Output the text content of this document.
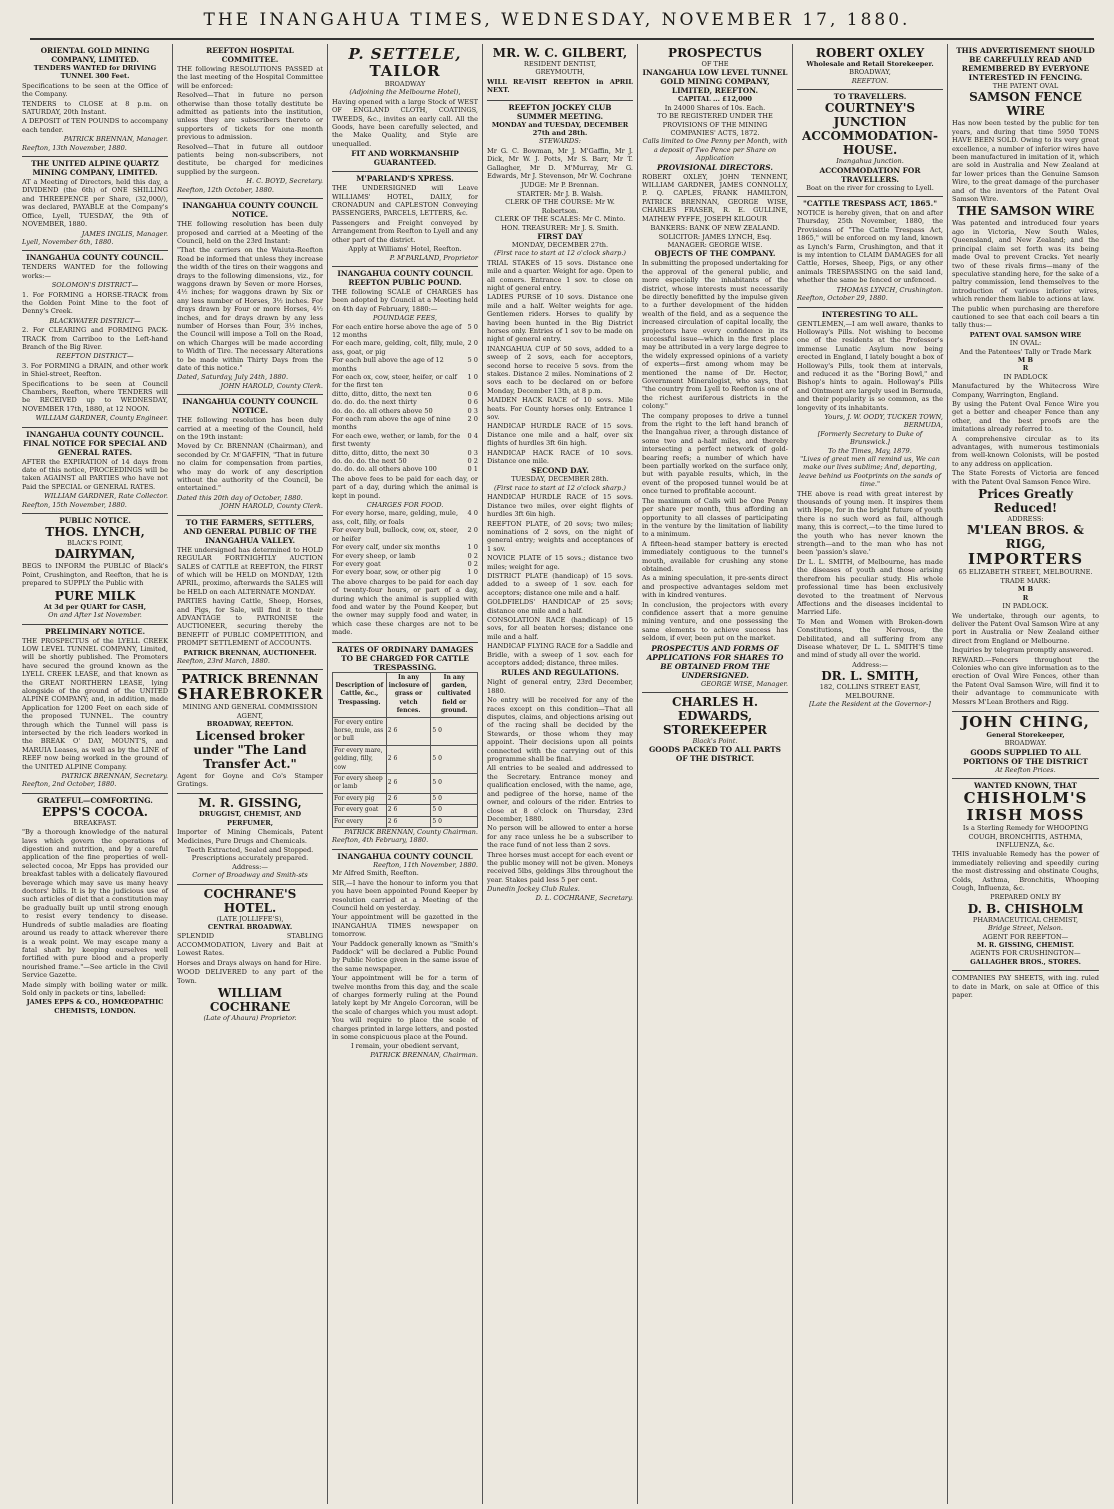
THE INANGAHUA TIMES, WEDNESDAY, NOVEMBER 17, 1880.
ORIENTAL GOLD MINING COMPANY, LIMITED.
TENDERS WANTED for DRIVING TUNNEL 300 Feet.

Specifications to be seen at the Office of the Company.

TENDERS to CLOSE at 8 p.m. on SATURDAY, 20th Instant.

A DEPOSIT of TEN POUNDS to accompany each tender.

PATRICK BRENNAN, Manager.
Reefton, 13th November, 1880.
THE UNITED ALPINE QUARTZ MINING COMPANY, LIMITED.

AT a Meeting of Directors, held this day, a DIVIDEND (the 6th) of ONE SHILLING and THREEPENCE per Share, (32,000/), was declared, PAYABLE at the Company's Office, Lyell, TUESDAY, the 9th of NOVEMBER, 1880.

JAMES INGLIS, Manager.
Lyell, November 6th, 1880.
INANGAHUA COUNTY COUNCIL.

TENDERS WANTED for the following works:—

SOLOMON'S DISTRICT—

1. For FORMING a HORSE-TRACK from the Golden Point Mine to the foot of Denny's Creek.

BLACKWATER DISTRICT—

2. For CLEARING and FORMING PACK-TRACK from Carriboo to the Left-hand Branch of the Big River.

REEFTON DISTRICT—

3. For FORMING a DRAIN, and other work in Shiel-street, Reefton.

Specifications to be seen at Council Chambers, Reefton, where TENDERS will be RECEIVED up to WEDNESDAY, NOVEMBER 17th, 1880, at 12 NOON.

WILLIAM GARDNER, County Engineer.
INANGAHUA COUNTY COUNCIL.
FINAL NOTICE FOR SPECIAL AND GENERAL RATES.

AFTER the EXPIRATION of 14 days from date of this notice, PROCEEDINGS will be taken AGAINST all PARTIES who have not Paid the SPECIAL or GENERAL RATES.

WILLIAM GARDNER, Rate Collector.
Reefton, 15th November, 1880.
PUBLIC NOTICE.
THOS. LYNCH,
BLACK'S POINT,
DAIRYMAN,

BEGS to INFORM the PUBLIC of Black's Point, Crushington, and Reefton, that he is prepared to SUPPLY the Public with

PURE MILK
At 3d per QUART for CASH,
On and After 1st November.
PRELIMINARY NOTICE.

THE PROSPECTUS of the LYELL CREEK LOW LEVEL TUNNEL COMPANY, Limited, will be shortly published. The Promoters have secured the ground known as the LYELL CREEK LEASE, and that known as the GREAT NORTHERN LEASE, lying alongside of the ground of the UNITED ALPINE COMPANY; and, in addition, made Application for 1200 Feet on each side of the proposed TUNNEL. The country through which the Tunnel will pass is intersected by the rich leaders worked in the BREAK O' DAY, MOUNT'S, and MARUIA Leases, as well as by the LINE of REEF now being worked in the ground of the UNITED ALPINE Company.

PATRICK BRENNAN, Secretary.
Reefton, 2nd October, 1880.
GRATEFUL—COMFORTING.
EPPS'S COCOA.
BREAKFAST.

"By a thorough knowledge of the natural laws which govern the operations of digestion and nutrition, and by a careful application of the fine properties of well-selected cocoa, Mr Epps has provided our breakfast tables with a delicately flavoured beverage which may save us many heavy doctors' bills. It is by the judicious use of such articles of diet that a constitution may be gradually built up until strong enough to resist every tendency to disease. Hundreds of subtle maladies are floating around us ready to attack wherever there is a weak point. We may escape many a fatal shaft by keeping ourselves well fortified with pure blood and a properly nourished frame."—See article in the Civil Service Gazette.

Made simply with boiling water or milk. Sold only in packets or tins, labelled:

JAMES EPPS & CO., HOMŒOPATHIC CHEMISTS, LONDON.
REEFTON HOSPITAL COMMITTEE.

THE following RESOLUTIONS PASSED at the last meeting of the Hospital Committee will be enforced:

Resolved—That in future no person otherwise than those totally destitute be admitted as patients into the institution, unless they are subscribers thereto or supporters of tickets for one month previous to admission.

Resolved—That in future all outdoor patients being non-subscribers, not destitute, be charged for medicines supplied by the surgeon.

H. C. BOYD, Secretary.
Reefton, 12th October, 1880.
INANGAHUA COUNTY COUNCIL
NOTICE.

THE following resolution has been duly proposed and carried at a Meeting of the Council, held on the 23rd Instant:

"That the carriers on the Waiuta-Reefton Road be informed that unless they increase the width of the tires on their waggons and drays to the following dimensions, viz., for waggons drawn by Seven or more Horses, 4½ inches; for waggons drawn by Six or any less number of Horses, 3½ inches. For drays drawn by Four or more Horses, 4½ inches, and for drays drawn by any less number of Horses than Four, 3½ inches, the Council will impose a Toll on the Road, on which Charges will be made according to Width of Tire. The necessary Alterations to be made within Thirty Days from the date of this notice."

Dated, Saturday, July 24th, 1880.
JOHN HAROLD, County Clerk.
INANGAHUA COUNTY COUNCIL
NOTICE.

THE following resolution has been duly carried at a meeting of the Council, held on the 19th instant:

Moved by Cr. BRENNAN (Chairman), and seconded by Cr. M'GAFFIN, "That in future no claim for compensation from parties, who may do work of any description without the authority of the Council, be entertained."

Dated this 20th day of October, 1880.
JOHN HAROLD, County Clerk.
TO THE FARMERS, SETTLERS, AND GENERAL PUBLIC OF THE INANGAHUA VALLEY.

THE undersigned has determined to HOLD REGULAR FORTNIGHTLY AUCTION SALES of CATTLE at REEFTON, the FIRST of which will be HELD on MONDAY, 12th APRIL, proximo, afterwards the SALES will be HELD on each ALTERNATE MONDAY.

PARTIES having Cattle, Sheep, Horses, and Pigs, for Sale, will find it to their ADVANTAGE to PATRONISE the AUCTIONEER, securing thereby the BENEFIT of PUBLIC COMPETITION, and PROMPT SETTLEMENT of ACCOUNTS.

PATRICK BRENNAN, AUCTIONEER.
Reefton, 23rd March, 1880.
PATRICK BRENNAN
SHAREBROKER
MINING AND GENERAL COMMISSION AGENT,
BROADWAY, REEFTON.
Licensed broker under "The Land Transfer Act."

Agent for Goyne and Co's Stamper Gratings.

M. R. GISSING,
DRUGGIST, CHEMIST, AND PERFUMER,

Importer of Mining Chemicals, Patent Medicines, Pure Drugs and Chemicals.

Teeth Extracted, Sealed and Stopped.
Prescriptions accurately prepared.
Address:—
Corner of Broadway and Smith-sts
COCHRANE'S HOTEL.
(LATE JOLLIFFE'S),
CENTRAL BROADWAY.

SPLENDID STABLING ACCOMMODATION, Livery and Bait at Lowest Rates.

Horses and Drays always on hand for Hire.

WOOD DELIVERED to any part of the Town.

WILLIAM COCHRANE
(Late of Ahaura) Proprietor.
P. SETTELE,
TAILOR
BROADWAY
(Adjoining the Melbourne Hotel),

Having opened with a large Stock of WEST OF ENGLAND CLOTH, COATINGS, TWEEDS, &c., invites an early call. All the Goods, have been carefully selected, and the Make Quality, and Style are unequalled.

FIT AND WORKMANSHIP GUARANTEED.
M'PARLAND'S XPRESS.

THE UNDERSIGNED will Leave WILLIAMS' HOTEL, DAILY, for CRONADUN and CAPLESTON Conveying PASSENGERS, PARCELS, LETTERS, &c.

Passengers and Freight conveyed by Arrangement from Reefton to Lyell and any other part of the district.

Apply at Williams' Hotel, Reefton.
P. M'PARLAND, Proprietor
INANGAHUA COUNTY COUNCIL
REEFTON PUBLIC POUND.

THE following SCALE of CHARGES has been adopted by Council at a Meeting held on 4th day of February, 1880:—

POUNDAGE FEES,
For each entire horse above the age of 12 months
5 0
For each mare, gelding, colt, filly, mule, ass, goat, or pig
2 0
For each bull above the age of 12 months
5 0
For each ox, cow, steer, heifer, or calf for the first ten
1 0
ditto, ditto, ditto, the next ten	0 6
do. do. do. the next thirty	0 6
do. do. do. all others above 50	0 3
For each ram above the age of nine months
2 0
For each ewe, wether, or lamb, for the first twenty
0 4
ditto, ditto, ditto, the next 30	0 3
do. do. do. the next 50	0 2
do. do. do. all others above 100	0 1

The above fees to be paid for each day, or part of a day, during which the animal is kept in pound.

CHARGES FOR FOOD.
For every horse, mare, gelding, mule, ass, colt, filly, or foals
4 0
For every bull, bullock, cow, ox, steer, or heifer
2 0
For every calf, under six months	1 0
For every sheep, or lamb	0 2
For every goat	0 2
For every boar, sow, or other pig	1 0

The above charges to be paid for each day of twenty-four hours, or part of a day, during which the animal is supplied with food and water by the Pound Keeper, but the owner may supply food and water, in which case these charges are not to be made.

RATES OF ORDINARY DAMAGES TO BE CHARGED FOR CATTLE TRESPASSING.
Description of Cattle, &c., Trespassing.	In any inclosure of grass or vetch fences.	In any garden, cultivated field or ground.
For every entire horse, mule, ass or bull	2 6	5 0
For every mare, gelding, filly, cow	2 6	5 0
For every sheep or lamb	2 6	5 0
For every pig	2 6	5 0
For every goat	2 6	5 0
For every	2 6	5 0
PATRICK BRENNAN, County Chairman.
Reefton, 4th February, 1880.
INANGAHUA COUNTY COUNCIL
Reefton, 11th November, 1880.
Mr Alfred Smith, Reefton.

SIR,—I have the honour to inform you that you have been appointed Pound Keeper by resolution carried at a Meeting of the Council held on yesterday.

Your appointment will be gazetted in the INANGAHUA TIMES newspaper on tomorrow.

Your Paddock generally known as "Smith's Paddock" will be declared a Public Pound by Public Notice given in the same issue of the same newspaper.

Your appointment will be for a term of twelve months from this day, and the scale of charges formerly ruling at the Pound lately kept by Mr Angelo Corcoran, will be the scale of charges which you must adopt. You will require to place the scale of charges printed in large letters, and posted in some conspicuous place at the Pound.

I remain, your obedient servant,
PATRICK BRENNAN, Chairman.
MR. W. C. GILBERT,
RESIDENT DENTIST,
GREYMOUTH,

WILL RE-VISIT REEFTON in APRIL NEXT.

REEFTON JOCKEY CLUB
SUMMER MEETING.
MONDAY and TUESDAY, DECEMBER 27th and 28th.
STEWARDS:

Mr G. C. Bowman, Mr J. M'Gaffin, Mr J. Dick, Mr W. J. Potts, Mr S. Barr, Mr T. Gallagher, Mr D. M'Murray, Mr G. Edwards, Mr J. Stevenson, Mr W. Cochrane

JUDGE: Mr P. Brennan.
STARTER: Mr J. B. Walsh.
CLERK OF THE COURSE: Mr W. Robertson.
CLERK OF THE SCALES: Mr C. Minto.
HON. TREASURER: Mr J. S. Smith.
FIRST DAY
MONDAY, DECEMBER 27th.
(First race to start at 12 o'clock sharp.)

TRIAL STAKES of 15 sovs. Distance one mile and a quarter. Weight for age. Open to all comers. Entrance 1 sov. to close on night of general entry.

LADIES PURSE of 10 sovs. Distance one mile and a half. Welter weights for age. Gentlemen riders. Horses to qualify by having been hunted in the Big District horses only. Entries of 1 sov to be made on night of general entry.

INANGAHUA CUP of 50 sovs, added to a sweep of 2 sovs, each for acceptors, second horse to receive 5 sovs. from the stakes. Distance 2 miles. Nominations of 2 sovs each to be declared on or before Monday, December 13th, at 8 p.m.

MAIDEN HACK RACE of 10 sovs. Mile heats. For County horses only. Entrance 1 sov.

HANDICAP HURDLE RACE of 15 sovs. Distance one mile and a half, over six flights of hurdles 3ft 6in high.

HANDICAP HACK RACE of 10 sovs. Distance one mile.

SECOND DAY.
TUESDAY, DECEMBER 28th.
(First race to start at 12 o'clock sharp.)

HANDICAP HURDLE RACE of 15 sovs. Distance two miles, over eight flights of hurdles 3ft 6in high.

REEFTON PLATE, of 20 sovs; two miles; nominations of 2 sovs, on the night of general entry; weights and acceptances of 1 sov.

NOVICE PLATE of 15 sovs.; distance two miles; weight for age.

DISTRICT PLATE (handicap) of 15 sovs. added to a sweep of 1 sov. each for acceptors; distance one mile and a half.

GOLDFIELDS' HANDICAP of 25 sovs; distance one mile and a half.

CONSOLATION RACE (handicap) of 15 sovs, for all beaten horses; distance one mile and a half.

HANDICAP FLYING RACE for a Saddle and Bridle, with a sweep of 1 sov. each for acceptors added; distance, three miles.

RULES AND REGULATIONS.

Night of general entry, 23rd December, 1880.

No entry will be received for any of the races except on this condition—That all disputes, claims, and objections arising out of the racing shall be decided by the Stewards, or those whom they may appoint. Their decisions upon all points connected with the carrying out of this programme shall be final.

All entries to be sealed and addressed to the Secretary. Entrance money and qualification enclosed, with the name, age, and pedigree of the horse, name of the owner, and colours of the rider. Entries to close at 8 o'clock on Thursday, 23rd December, 1880.

No person will be allowed to enter a horse for any race unless he be a subscriber to the race fund of not less than 2 sovs.

Three horses must accept for each event or the public money will not be given. Moneys received 5lbs, geldings 3lbs throughout the year. Stakes paid less 5 per cent.

Dunedin Jockey Club Rules.
D. L. COCHRANE, Secretary.
PROSPECTUS
OF THE
INANGAHUA LOW LEVEL TUNNEL GOLD MINING COMPANY, LIMITED, REEFTON.
CAPITAL ... £12,000
In 24000 Shares of 10s. Each.
TO BE REGISTERED UNDER THE PROVISIONS OF THE MINING COMPANIES' ACTS, 1872.
Calls limited to One Penny per Month, with a deposit of Two Pence per Share on Application
PROVISIONAL DIRECTORS.

ROBERT OXLEY, JOHN TENNENT, WILLIAM GARDNER, JAMES CONNOLLY, P. Q. CAPLES, FRANK HAMILTON, PATRICK BRENNAN, GEORGE WISE, CHARLES FRASER, R. E. GULLINE, MATHEW FYFFE, JOSEPH KILGOUR

BANKERS: BANK OF NEW ZEALAND.
SOLICITOR: JAMES LYNCH, Esq.
MANAGER: GEORGE WISE.
OBJECTS OF THE COMPANY.

In submitting the proposed undertaking for the approval of the general public, and more especially the inhabitants of the district, whose interests must necessarily be directly benefitted by the impulse given to a further development of the hidden wealth of the field, and as a sequence the increased circulation of capital locally, the projectors have every confidence in its successful issue—which in the first place may be attributed in a very large degree to the widely expressed opinions of a variety of experts—first among whom may be mentioned the name of Dr. Hector, Government Mineralogist, who says, that "the country from Lyell to Reefton is one of the richest auriferous districts in the colony."

The company proposes to drive a tunnel from the right to the left hand branch of the Inangahua river, a through distance of some two and a-half miles, and thereby intersecting a perfect network of gold-bearing reefs; a number of which have been partially worked on the surface only, but with payable results, which, in the event of the proposed tunnel would be at once turned to profitable account.

The maximum of Calls will be One Penny per share per month, thus affording an opportunity to all classes of participating in the venture by the limitation of liability to a minimum.

A fifteen-head stamper battery is erected immediately contiguous to the tunnel's mouth, available for crushing any stone obtained.

As a mining speculation, it pre-sents direct and prospective advantages seldom met with in kindred ventures.

In conclusion, the projectors with every confidence assert that a more genuine mining venture, and one possessing the same elements to achieve success has seldom, if ever, been put on the market.

PROSPECTUS AND FORMS OF APPLICATIONS FOR SHARES TO BE OBTAINED FROM THE UNDERSIGNED.
GEORGE WISE, Manager.
CHARLES H. EDWARDS,
STOREKEEPER
Black's Point.
GOODS PACKED TO ALL PARTS OF THE DISTRICT.
ROBERT OXLEY
Wholesale and Retail Storekeeper.
BROADWAY,
REEFTON.
TO TRAVELLERS.
COURTNEY'S JUNCTION ACCOMMODATION-HOUSE.
Inangahua Junction.
ACCOMMODATION FOR TRAVELLERS.
Boat on the river for crossing to Lyell.
"CATTLE TRESPASS ACT, 1865."

NOTICE is hereby given, that on and after Thursday, 25th November, 1880, the Provisions of "The Cattle Trespass Act, 1865," will be enforced on my land, known as Lynch's Farm, Crushington, and that it is my intention to CLAIM DAMAGES for all Cattle, Horses, Sheep, Pigs, or any other animals TRESPASSING on the said land, whether the same be fenced or unfenced.

THOMAS LYNCH, Crushington.
Reefton, October 29, 1880.
INTERESTING TO ALL.

GENTLEMEN,—I am well aware, thanks to Holloway's Pills. Not wishing to become one of the residents at the Professor's immense Lunatic Asylum now being erected in England, I lately bought a box of Holloway's Pills, took them at intervals, and reduced it as the "Boring Bowl," and Bishop's hints to again. Holloway's Pills and Ointment are largely used in Bermuda, and their popularity is so common, as the longevity of its inhabitants.

Yours, J. W. OODY, TUCKER TOWN, BERMUDA,
[Formerly Secretary to Duke of Brunswick.]
To the Times, May, 1879.
"Lives of great men all remind us, We can make our lives sublime; And, departing, leave behind us Footprints on the sands of time."

THE above is read with great interest by thousands of young men. It inspires them with Hope, for in the bright future of youth there is no such word as fail, although many, this is correct,—to the time lured to the youth who has never known the strength—and to the man who has not been 'passion's slave.'

Dr L. L. SMITH, of Melbourne, has made the diseases of youth and those arising therefrom his peculiar study. His whole professional time has been exclusively devoted to the treatment of Nervous Affections and the diseases incidental to Married Life.

To Men and Women with Broken-down Constitutions, the Nervous, the Debilitated, and all suffering from any Disease whatever, Dr L. L. SMITH'S time and mind of study all over the world.

Address:—
DR. L. SMITH,
182, COLLINS STREET EAST, MELBOURNE.
[Late the Resident at the Governor-]
THIS ADVERTISEMENT SHOULD BE CAREFULLY READ AND REMEMBERED BY EVERYONE INTERESTED IN FENCING.
THE PATENT OVAL
SAMSON FENCE WIRE

Has now been tested by the public for ten years, and during that time 5950 TONS HAVE BEEN SOLD. Owing to its very great excellence, a number of inferior wires have been manufactured in imitation of it, which are sold in Australia and New Zealand at far lower prices than the Genuine Samson Wire, to the great damage of the purchaser and of the inventors of the Patent Oval Samson Wire.

THE SAMSON WIRE

Was patented and introduced four years ago in Victoria, New South Wales, Queensland, and New Zealand; and the principal claim set forth was its being made Oval to prevent Cracks. Yet nearly two of these rivals firms—many of the speculative standing here, for the sake of a paltry commission, lend themselves to the introduction of various inferior wires, which render them liable to actions at law.

The public when purchasing are therefore cautioned to see that each coil bears a tin tally thus:—

PATENT OVAL SAMSON WIRE
IN OVAL:
And the Patentees' Tally or Trade Mark
M B
R
IN PADLOCK

Manufactured by the Whitecross Wire Company, Warrington, England.

By using the Patent Oval Fence Wire you get a better and cheaper Fence than any other, and the best proofs are the imitations already referred to.

A comprehensive circular as to its advantages, with numerous testimonials from well-known Colonists, will be posted to any address on application.

The State Forests of Victoria are fenced with the Patent Oval Samson Fence Wire.

Prices Greatly Reduced!
ADDRESS:
M'LEAN BROS. & RIGG,
IMPORTERS
65 ELIZABETH STREET, MELBOURNE.
TRADE MARK:
M B
R
IN PADLOCK.

We undertake, through our agents, to deliver the Patent Oval Samson Wire at any port in Australia or New Zealand either direct from England or Melbourne.

Inquiries by telegram promptly answered.

REWARD.—Fencers throughout the Colonies who can give information as to the erection of Oval Wire Fences, other than the Patent Oval Samson Wire, will find it to their advantage to communicate with Messrs M'Lean Brothers and Rigg.

JOHN CHING,
General Storekeeper,
BROADWAY.
GOODS SUPPLIED TO ALL PORTIONS OF THE DISTRICT
At Reefton Prices.
WANTED KNOWN, THAT
CHISHOLM'S IRISH MOSS
Is a Sterling Remedy for WHOOPING COUGH, BRONCHITIS, ASTHMA, INFLUENZA, &c.

THIS invaluable Remedy has the power of immediately relieving and speedily curing the most distressing and obstinate Coughs, Colds, Asthma, Bronchitis, Whooping Cough, Influenza, &c.

PREPARED ONLY BY
D. B. CHISHOLM
PHARMACEUTICAL CHEMIST,
Bridge Street, Nelson.
AGENT FOR REEFTON—
M. R. GISSING, CHEMIST.
AGENTS FOR CRUSHINGTON—
GALLAGHER BROS., STORES.

COMPANIES PAY SHEETS, with ing. ruled to date in Mark, on sale at Office of this paper.
